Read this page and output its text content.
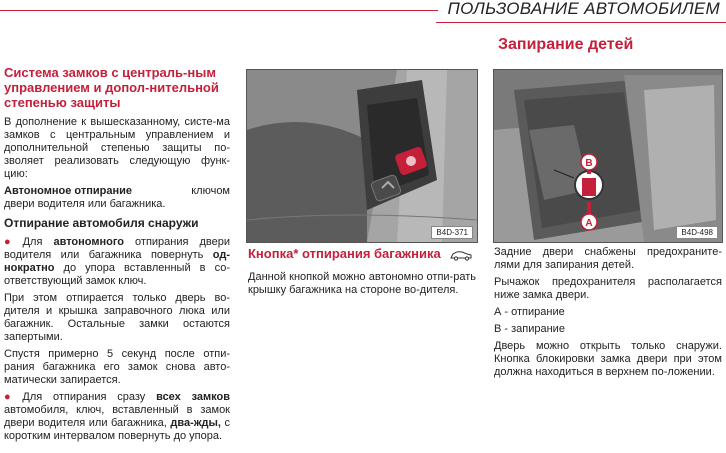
ПОЛЬЗОВАНИЕ АВТОМОБИЛЕМ
Система замков с централь-ным управлением и допол-нительной степенью защиты

В дополнение к вышесказанному, систе-ма замков с центральным управлением и дополнительной степенью защиты по-зволяет реализовать следующую функ-цию:

Автономное отпирание	ключом

двери водителя или багажника.

Отпирание автомобиля снаружи

● Для автономного отпирания двери водителя или багажника повернуть од-нократно до упора вставленный в со-ответствующий замок ключ.

При этом отпирается только дверь во-дителя и крышка заправочного люка или багажник. Остальные замки остаются запертыми.

Спустя примерно 5 секунд после отпи-рания багажника его замок снова авто-матически запирается.

● Для отпирания сразу всех замков автомобиля, ключ, вставленный в замок двери водителя или багажника, два-жды, с коротким интервалом повернуть до упора.

B4D-371
Кнопка* отпирания багажника

Данной кнопкой можно автономно отпи-рать крышку багажника на стороне во-дителя.

Запирание детей
B
A
B4D-498

Задние двери снабжены предохраните-лями для запирания детей.

Рычажок предохранителя располагается ниже замка двери.

А - отпирание

В - запирание

Дверь можно открыть только снаружи. Кнопка блокировки замка двери при этом должна находиться в верхнем по-ложении.
